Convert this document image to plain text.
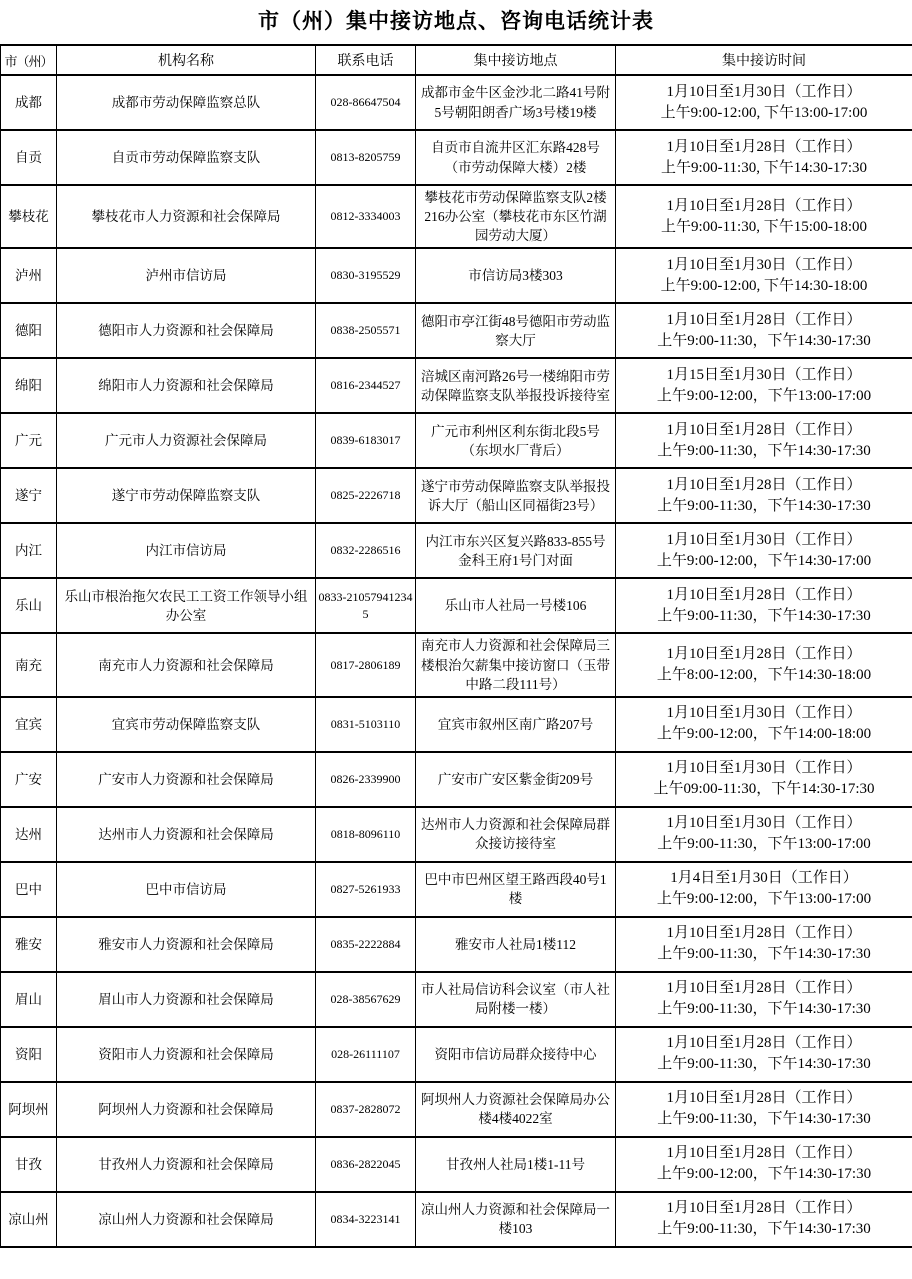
市（州）集中接访地点、咨询电话统计表
市（州）	机构名称	联系电话	集中接访地点	集中接访时间
成都	成都市劳动保障监察总队	028-86647504	成都市金牛区金沙北二路41号附5号朝阳朗香广场3号楼19楼	1月10日至1月30日（工作日）
上午9:00-12:00, 下午13:00-17:00

自贡	自贡市劳动保障监察支队	0813-8205759	自贡市自流井区汇东路428号（市劳动保障大楼）2楼	1月10日至1月28日（工作日）
上午9:00-11:30, 下午14:30-17:30

攀枝花	攀枝花市人力资源和社会保障局	0812-3334003	攀枝花市劳动保障监察支队2楼216办公室（攀枝花市东区竹湖园劳动大厦）	1月10日至1月28日（工作日）
上午9:00-11:30, 下午15:00-18:00

泸州	泸州市信访局	0830-3195529	市信访局3楼303	1月10日至1月30日（工作日）
上午9:00-12:00, 下午14:30-18:00

德阳	德阳市人力资源和社会保障局	0838-2505571	德阳市亭江街48号德阳市劳动监察大厅	1月10日至1月28日（工作日）
上午9:00-11:30，下午14:30-17:30

绵阳	绵阳市人力资源和社会保障局	0816-2344527	涪城区南河路26号一楼绵阳市劳动保障监察支队举报投诉接待室	1月15日至1月30日（工作日）
上午9:00-12:00，下午13:00-17:00

广元	广元市人力资源社会保障局	0839-6183017	广元市利州区利东街北段5号（东坝水厂背后）	1月10日至1月28日（工作日）
上午9:00-11:30，下午14:30-17:30

遂宁	遂宁市劳动保障监察支队	0825-2226718	遂宁市劳动保障监察支队举报投诉大厅（船山区同福街23号）	1月10日至1月28日（工作日）
上午9:00-11:30，下午14:30-17:30

内江	内江市信访局	0832-2286516	内江市东兴区复兴路833-855号金科王府1号门对面	1月10日至1月30日（工作日）
上午9:00-12:00，下午14:30-17:00

乐山	乐山市根治拖欠农民工工资工作领导小组办公室	0833-210579412345	乐山市人社局一号楼106	1月10日至1月28日（工作日）
上午9:00-11:30，下午14:30-17:30

南充	南充市人力资源和社会保障局	0817-2806189	南充市人力资源和社会保障局三楼根治欠薪集中接访窗口（玉带中路二段111号）	1月10日至1月28日（工作日）
上午8:00-12:00，下午14:30-18:00

宜宾	宜宾市劳动保障监察支队	0831-5103110	宜宾市叙州区南广路207号	1月10日至1月30日（工作日）
上午9:00-12:00，下午14:00-18:00

广安	广安市人力资源和社会保障局	0826-2339900	广安市广安区紫金街209号	1月10日至1月30日（工作日）
上午09:00-11:30，下午14:30-17:30

达州	达州市人力资源和社会保障局	0818-8096110	达州市人力资源和社会保障局群众接访接待室	1月10日至1月30日（工作日）
上午9:00-11:30，下午13:00-17:00

巴中	巴中市信访局	0827-5261933	巴中市巴州区望王路西段40号1楼	1月4日至1月30日（工作日）
上午9:00-12:00，下午13:00-17:00

雅安	雅安市人力资源和社会保障局	0835-2222884	雅安市人社局1楼112	1月10日至1月28日（工作日）
上午9:00-11:30，下午14:30-17:30

眉山	眉山市人力资源和社会保障局	028-38567629	市人社局信访科会议室（市人社局附楼一楼）	1月10日至1月28日（工作日）
上午9:00-11:30，下午14:30-17:30

资阳	资阳市人力资源和社会保障局	028-26111107	资阳市信访局群众接待中心	1月10日至1月28日（工作日）
上午9:00-11:30，下午14:30-17:30

阿坝州	阿坝州人力资源和社会保障局	0837-2828072	阿坝州人力资源社会保障局办公楼4楼4022室	1月10日至1月28日（工作日）
上午9:00-11:30，下午14:30-17:30

甘孜	甘孜州人力资源和社会保障局	0836-2822045	甘孜州人社局1楼1-11号	1月10日至1月28日（工作日）
上午9:00-12:00，下午14:30-17:30

凉山州	凉山州人力资源和社会保障局	0834-3223141	凉山州人力资源和社会保障局一楼103	1月10日至1月28日（工作日）
上午9:00-11:30，下午14:30-17:30
